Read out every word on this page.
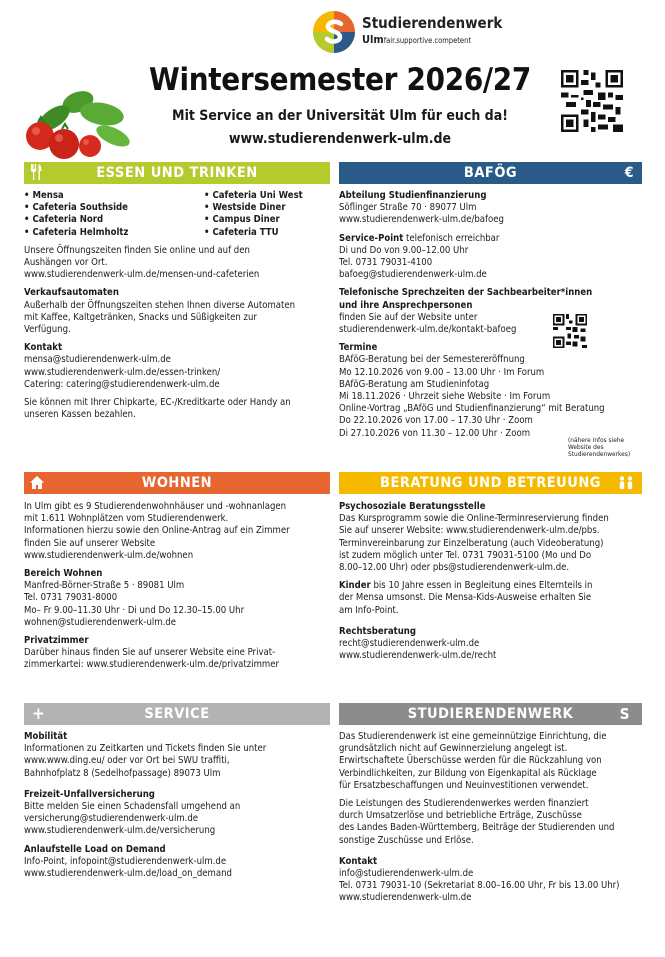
Studierendenwerk
Ulmfair.supportive.competent
Wintersemester 2026/27
Mit Service an der Universität Ulm für euch da!
www.studierendenwerk-ulm.de
ESSEN UND TRINKEN

• Mensa

• Cafeteria Southside

• Cafeteria Nord

• Cafeteria Helmholtz

• Cafeteria Uni West

• Westside Diner

• Campus Diner

• Cafeteria TTU

Unsere Öffnungszeiten finden Sie online und auf den

Aushängen vor Ort.

www.studierendenwerk-ulm.de/mensen-und-cafeterien

Verkaufsautomaten

Außerhalb der Öffnungszeiten stehen Ihnen diverse Automaten

mit Kaffee, Kaltgetränken, Snacks und Süßigkeiten zur

Verfügung.

Kontakt

mensa@studierendenwerk-ulm.de

www.studierendenwerk-ulm.de/essen-trinken/

Catering: catering@studierendenwerk-ulm.de

Sie können mit Ihrer Chipkarte, EC-/Kreditkarte oder Handy an

unseren Kassen bezahlen.

BAFÖG	€

Abteilung Studienfinanzierung

Söflinger Straße 70 · 89077 Ulm

www.studierendenwerk-ulm.de/bafoeg

Service-Point telefonisch erreichbar

Di und Do von 9.00–12.00 Uhr

Tel. 0731 79031-4100

bafoeg@studierendenwerk-ulm.de

Telefonische Sprechzeiten der Sachbearbeiter*innen

und ihre Ansprechpersonen

finden Sie auf der Website unter

studierendenwerk-ulm.de/kontakt-bafoeg

Termine

BAföG-Beratung bei der Semestereröffnung

Mo 12.10.2026 von 9.00 – 13.00 Uhr · Im Forum

BAföG-Beratung am Studieninfotag

Mi 18.11.2026 · Uhrzeit siehe Website · Im Forum

Online-Vortrag „BAföG und Studienfinanzierung“ mit Beratung

Do 22.10.2026 von 17.00 – 17.30 Uhr · Zoom

Di 27.10.2026 von 11.30 – 12.00 Uhr · Zoom

(nähere Infos siehe

Website des

Studierendenwerkes)

WOHNEN

In Ulm gibt es 9 Studierendenwohnhäuser und -wohnanlagen

mit 1.611 Wohnplätzen vom Studierendenwerk.

Informationen hierzu sowie den Online-Antrag auf ein Zimmer

finden Sie auf unserer Website

www.studierendenwerk-ulm.de/wohnen

Bereich Wohnen

Manfred-Börner-Straße 5 · 89081 Ulm

Tel. 0731 79031-8000

Mo– Fr 9.00–11.30 Uhr · Di und Do 12.30–15.00 Uhr

wohnen@studierendenwerk-ulm.de

Privatzimmer

Darüber hinaus finden Sie auf unserer Website eine Privat-

zimmerkartei: www.studierendenwerk-ulm.de/privatzimmer

BERATUNG UND BETREUUNG

Psychosoziale Beratungsstelle

Das Kursprogramm sowie die Online-Terminreservierung finden

Sie auf unserer Website: www.studierendenwerk-ulm.de/pbs.

Terminvereinbarung zur Einzelberatung (auch Videoberatung)

ist zudem möglich unter Tel. 0731 79031-5100 (Mo und Do

8.00–12.00 Uhr) oder pbs@studierendenwerk-ulm.de.

Kinder bis 10 Jahre essen in Begleitung eines Elternteils in

der Mensa umsonst. Die Mensa-Kids-Ausweise erhalten Sie

am Info-Point.

Rechtsberatung

recht@studierendenwerk-ulm.de

www.studierendenwerk-ulm.de/recht

+	SERVICE

Mobilität

Informationen zu Zeitkarten und Tickets finden Sie unter

www.www.ding.eu/ oder vor Ort bei SWU traffiti,

Bahnhofplatz 8 (Sedelhofpassage) 89073 Ulm

Freizeit-Unfallversicherung

Bitte melden Sie einen Schadensfall umgehend an

versicherung@studierendenwerk-ulm.de

www.studierendenwerk-ulm.de/versicherung

Anlaufstelle Load on Demand

Info-Point, infopoint@studierendenwerk-ulm.de

www.studierendenwerk-ulm.de/load_on_demand

STUDIERENDENWERK	S

Das Studierendenwerk ist eine gemeinnützige Einrichtung, die

grundsätzlich nicht auf Gewinnerzielung angelegt ist.

Erwirtschaftete Überschüsse werden für die Rückzahlung von

Verbindlichkeiten, zur Bildung von Eigenkapital als Rücklage

für Ersatzbeschaffungen und Neuinvestitionen verwendet.

Die Leistungen des Studierendenwerkes werden finanziert

durch Umsatzerlöse und betriebliche Erträge, Zuschüsse

des Landes Baden-Württemberg, Beiträge der Studierenden und

sonstige Zuschüsse und Erlöse.

Kontakt

info@studierendenwerk-ulm.de

Tel. 0731 79031-10 (Sekretariat 8.00–16.00 Uhr, Fr bis 13.00 Uhr)

www.studierendenwerk-ulm.de
